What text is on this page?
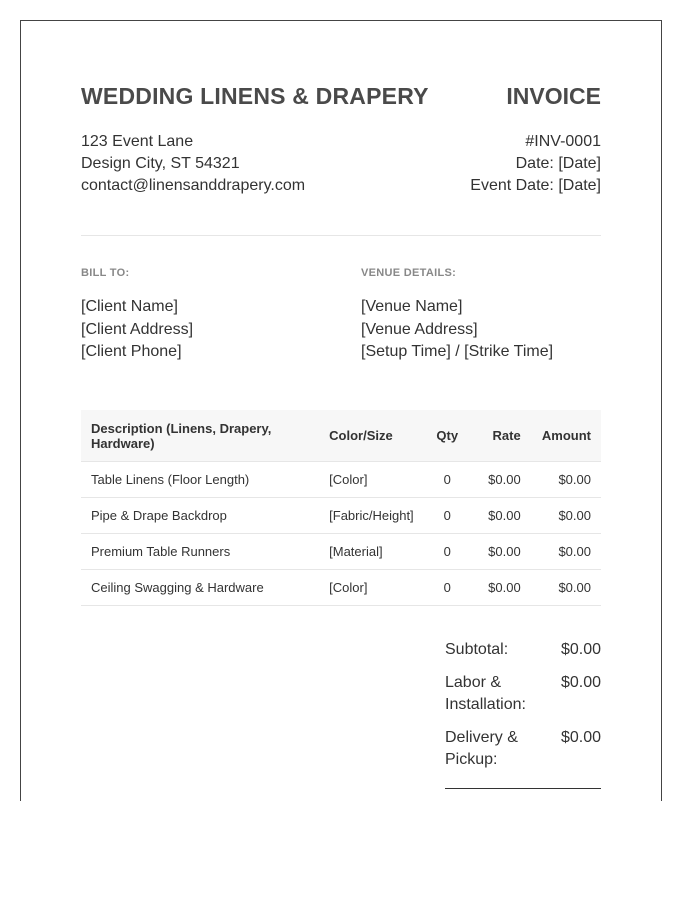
WEDDING LINENS & DRAPERY	INVOICE
123 Event Lane
Design City, ST 54321
contact@linensanddrapery.com
#INV-0001
Date: [Date]
Event Date: [Date]
BILL TO:
[Client Name]
[Client Address]
[Client Phone]
VENUE DETAILS:
[Venue Name]
[Venue Address]
[Setup Time] / [Strike Time]
Description (Linens, Drapery, Hardware)	Color/Size	Qty	Rate	Amount
Table Linens (Floor Length)	[Color]	0	$0.00	$0.00
Pipe & Drape Backdrop	[Fabric/Height]	0	$0.00	$0.00
Premium Table Runners	[Material]	0	$0.00	$0.00
Ceiling Swagging & Hardware	[Color]	0	$0.00	$0.00
Subtotal:	$0.00
Labor & Installation:
$0.00
Delivery & Pickup:
$0.00
